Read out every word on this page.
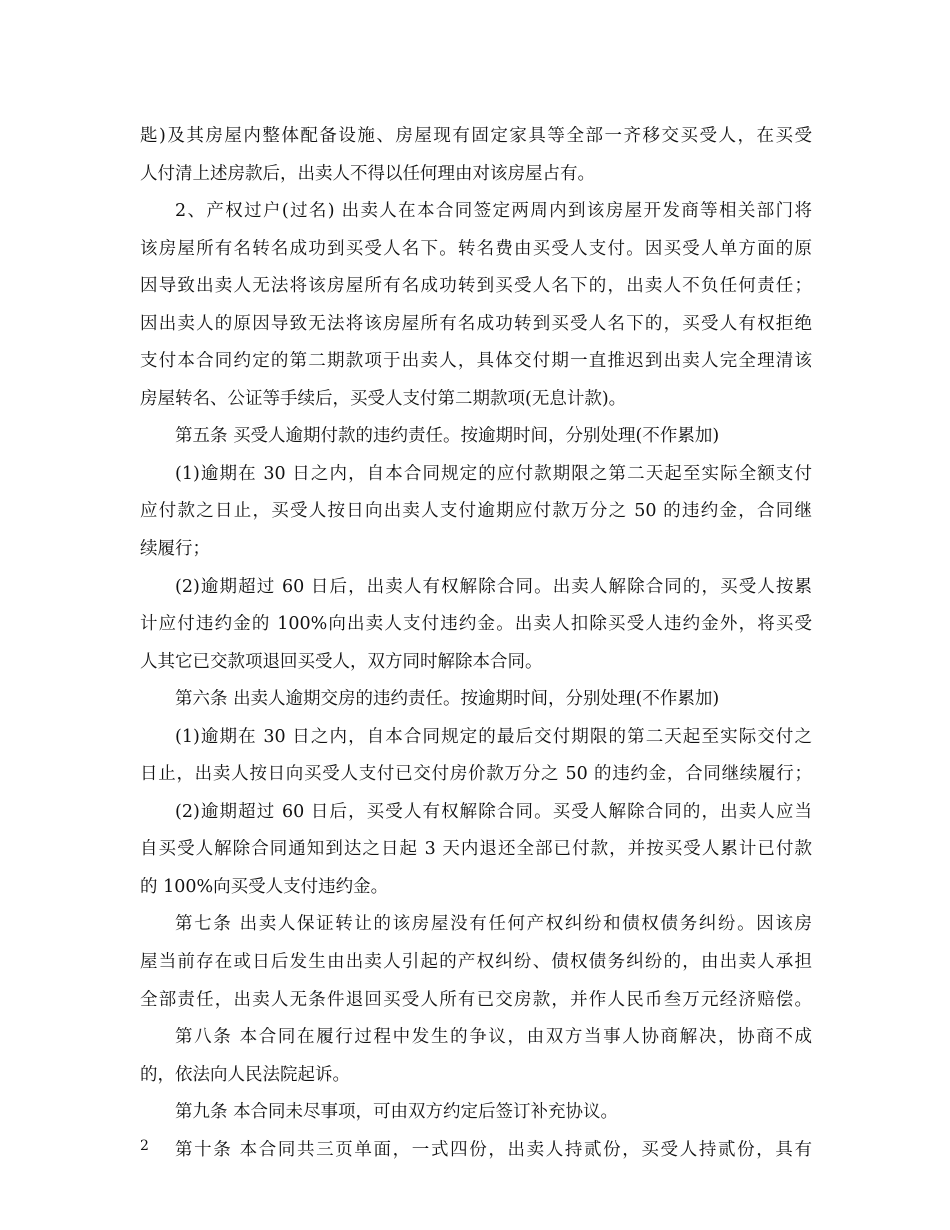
匙)及其房屋内整体配备设施、房屋现有固定家具等全部一齐移交买受人，在买受
人付清上述房款后，出卖人不得以任何理由对该房屋占有。
2、产权过户(过名) 出卖人在本合同签定两周内到该房屋开发商等相关部门将
该房屋所有名转名成功到买受人名下。转名费由买受人支付。因买受人单方面的原
因导致出卖人无法将该房屋所有名成功转到买受人名下的，出卖人不负任何责任；
因出卖人的原因导致无法将该房屋所有名成功转到买受人名下的，买受人有权拒绝
支付本合同约定的第二期款项于出卖人，具体交付期一直推迟到出卖人完全理清该
房屋转名、公证等手续后，买受人支付第二期款项(无息计款)。
第五条 买受人逾期付款的违约责任。按逾期时间，分别处理(不作累加)
(1)逾期在 30 日之内，自本合同规定的应付款期限之第二天起至实际全额支付
应付款之日止，买受人按日向出卖人支付逾期应付款万分之 50 的违约金，合同继
续履行；
(2)逾期超过 60 日后，出卖人有权解除合同。出卖人解除合同的，买受人按累
计应付违约金的 100%向出卖人支付违约金。出卖人扣除买受人违约金外，将买受
人其它已交款项退回买受人，双方同时解除本合同。
第六条 出卖人逾期交房的违约责任。按逾期时间，分别处理(不作累加)
(1)逾期在 30 日之内，自本合同规定的最后交付期限的第二天起至实际交付之
日止，出卖人按日向买受人支付已交付房价款万分之 50 的违约金，合同继续履行；
(2)逾期超过 60 日后，买受人有权解除合同。买受人解除合同的，出卖人应当
自买受人解除合同通知到达之日起 3 天内退还全部已付款，并按买受人累计已付款
的 100%向买受人支付违约金。
第七条 出卖人保证转让的该房屋没有任何产权纠纷和债权债务纠纷。因该房
屋当前存在或日后发生由出卖人引起的产权纠纷、债权债务纠纷的，由出卖人承担
全部责任，出卖人无条件退回买受人所有已交房款，并作人民币叁万元经济赔偿。
第八条 本合同在履行过程中发生的争议，由双方当事人协商解决，协商不成
的，依法向人民法院起诉。
第九条 本合同未尽事项，可由双方约定后签订补充协议。
第十条 本合同共三页单面，一式四份，出卖人持贰份，买受人持贰份，具有
2
